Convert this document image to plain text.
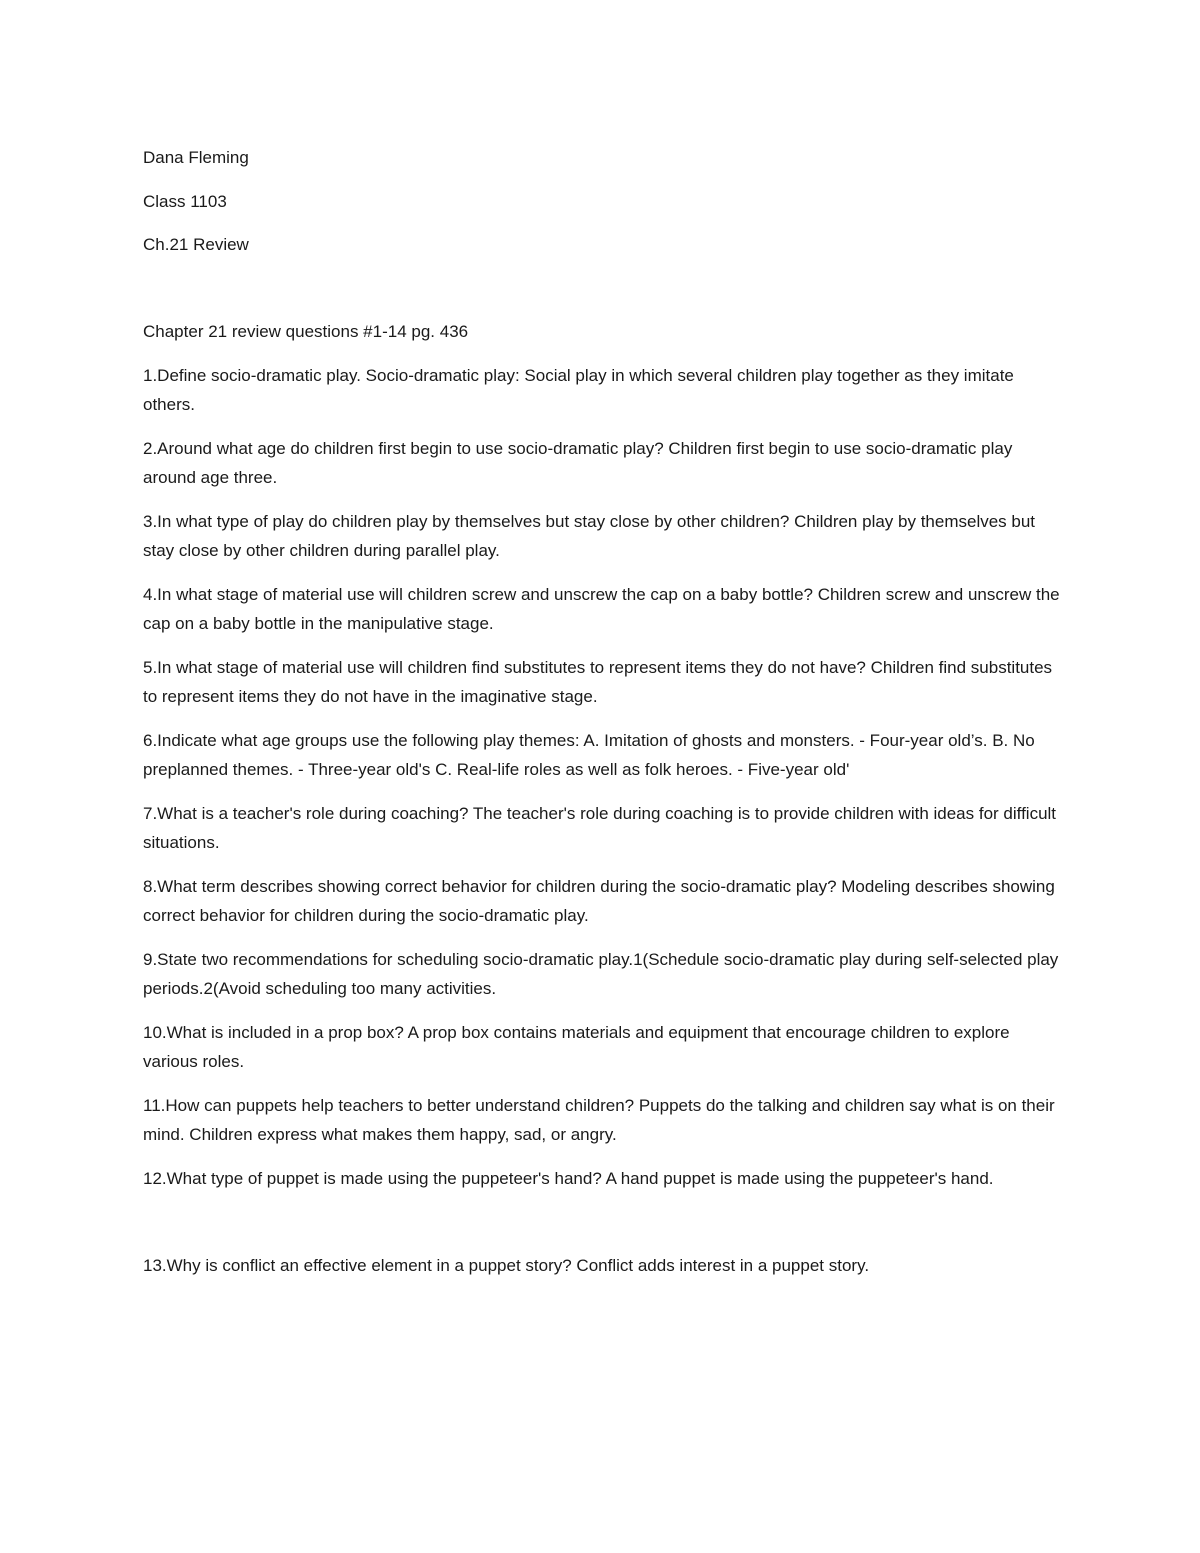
Dana Fleming

Class 1103

Ch.21 Review

Chapter 21 review questions #1-14 pg. 436

1.Define socio-dramatic play. Socio-dramatic play: Social play in which several children play together as they imitate others.

2.Around what age do children first begin to use socio-dramatic play? Children first begin to use socio-dramatic play around age three.

3.In what type of play do children play by themselves but stay close by other children? Children play by themselves but stay close by other children during parallel play.

4.In what stage of material use will children screw and unscrew the cap on a baby bottle? Children screw and unscrew the cap on a baby bottle in the manipulative stage.

5.In what stage of material use will children find substitutes to represent items they do not have? Children find substitutes to represent items they do not have in the imaginative stage.

6.Indicate what age groups use the following play themes: A. Imitation of ghosts and monsters. - Four-year old’s. B. No preplanned themes. - Three-year old's C. Real-life roles as well as folk heroes. - Five-year old'

7.What is a teacher's role during coaching? The teacher's role during coaching is to provide children with ideas for difficult situations.

8.What term describes showing correct behavior for children during the socio-dramatic play? Modeling describes showing correct behavior for children during the socio-dramatic play.

9.State two recommendations for scheduling socio-dramatic play.1(Schedule socio-dramatic play during self-selected play periods.2(Avoid scheduling too many activities.

10.What is included in a prop box? A prop box contains materials and equipment that encourage children to explore various roles.

11.How can puppets help teachers to better understand children? Puppets do the talking and children say what is on their mind. Children express what makes them happy, sad, or angry.

12.What type of puppet is made using the puppeteer's hand? A hand puppet is made using the puppeteer's hand.

13.Why is conflict an effective element in a puppet story? Conflict adds interest in a puppet story.
